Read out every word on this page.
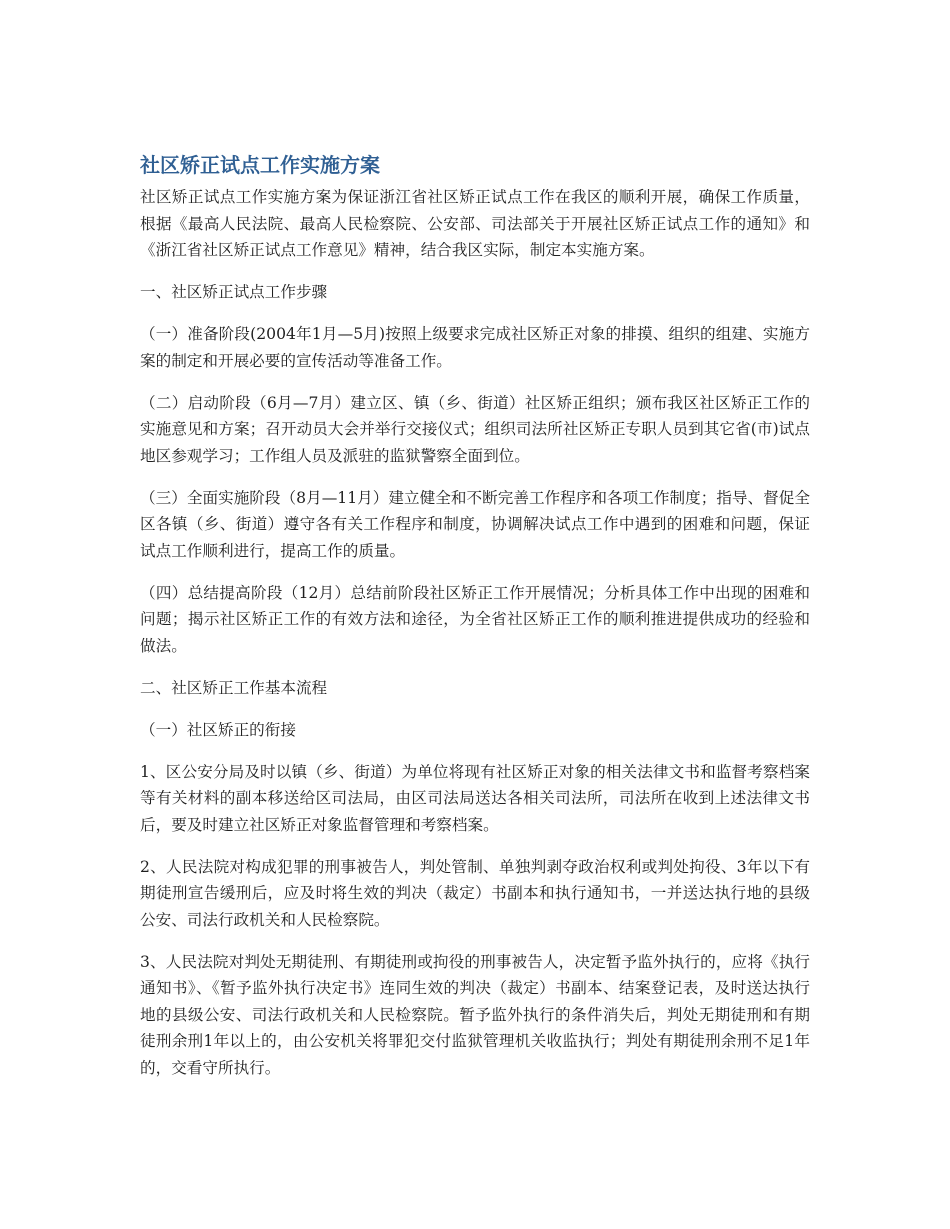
社区矫正试点工作实施方案

社区矫正试点工作实施方案为保证浙江省社区矫正试点工作在我区的顺利开展，确保工作质量，根据《最高人民法院、最高人民检察院、公安部、司法部关于开展社区矫正试点工作的通知》和《浙江省社区矫正试点工作意见》精神，结合我区实际，制定本实施方案。

一、社区矫正试点工作步骤

（一）准备阶段(2004年1月—5月)按照上级要求完成社区矫正对象的排摸、组织的组建、实施方案的制定和开展必要的宣传活动等准备工作。

（二）启动阶段（6月—7月）建立区、镇（乡、街道）社区矫正组织；颁布我区社区矫正工作的实施意见和方案；召开动员大会并举行交接仪式；组织司法所社区矫正专职人员到其它省(市)试点地区参观学习；工作组人员及派驻的监狱警察全面到位。

（三）全面实施阶段（8月—11月）建立健全和不断完善工作程序和各项工作制度；指导、督促全区各镇（乡、街道）遵守各有关工作程序和制度，协调解决试点工作中遇到的困难和问题，保证试点工作顺利进行，提高工作的质量。

（四）总结提高阶段（12月）总结前阶段社区矫正工作开展情况；分析具体工作中出现的困难和问题；揭示社区矫正工作的有效方法和途径，为全省社区矫正工作的顺利推进提供成功的经验和做法。

二、社区矫正工作基本流程

（一）社区矫正的衔接

1、区公安分局及时以镇（乡、街道）为单位将现有社区矫正对象的相关法律文书和监督考察档案等有关材料的副本移送给区司法局，由区司法局送达各相关司法所，司法所在收到上述法律文书后，要及时建立社区矫正对象监督管理和考察档案。

2、人民法院对构成犯罪的刑事被告人，判处管制、单独判剥夺政治权利或判处拘役、3年以下有期徒刑宣告缓刑后，应及时将生效的判决（裁定）书副本和执行通知书，一并送达执行地的县级公安、司法行政机关和人民检察院。

3、人民法院对判处无期徒刑、有期徒刑或拘役的刑事被告人，决定暂予监外执行的，应将《执行通知书》、《暂予监外执行决定书》连同生效的判决（裁定）书副本、结案登记表，及时送达执行地的县级公安、司法行政机关和人民检察院。暂予监外执行的条件消失后，判处无期徒刑和有期徒刑余刑1年以上的，由公安机关将罪犯交付监狱管理机关收监执行；判处有期徒刑余刑不足1年的，交看守所执行。
